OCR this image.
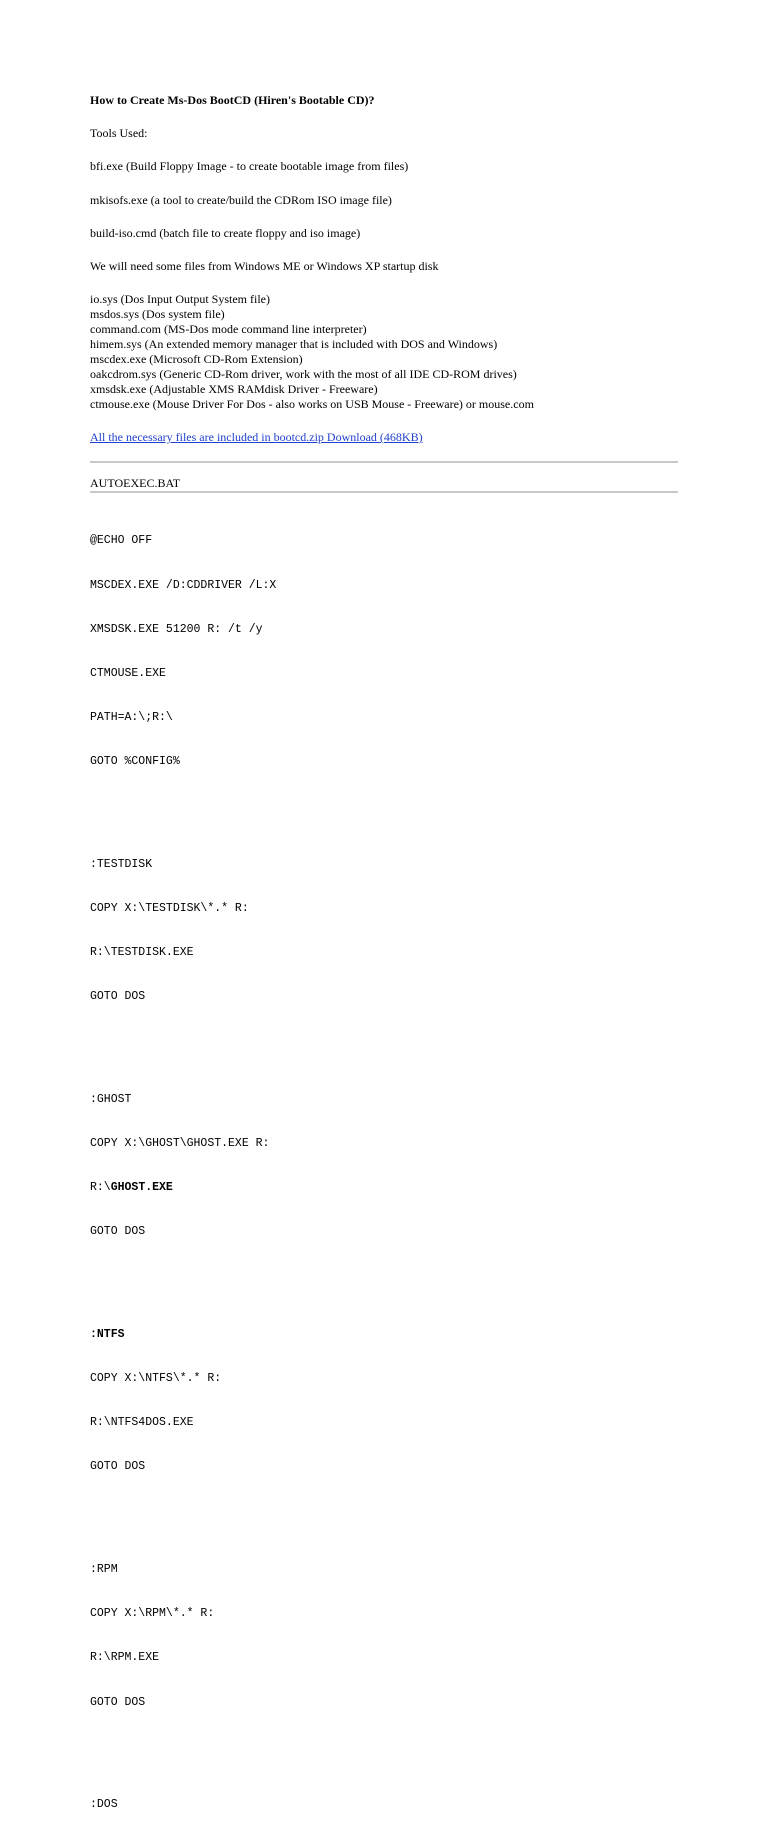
How to Create Ms-Dos BootCD (Hiren's Bootable CD)?

Tools Used:

bfi.exe (Build Floppy Image - to create bootable image from files)

mkisofs.exe (a tool to create/build the CDRom ISO image file)

build-iso.cmd (batch file to create floppy and iso image)

We will need some files from Windows ME or Windows XP startup disk

io.sys (Dos Input Output System file)
msdos.sys (Dos system file)
command.com (MS-Dos mode command line interpreter)
himem.sys (An extended memory manager that is included with DOS and Windows)
mscdex.exe (Microsoft CD-Rom Extension)
oakcdrom.sys (Generic CD-Rom driver, work with the most of all IDE CD-ROM drives)
xmsdsk.exe (Adjustable XMS RAMdisk Driver - Freeware)
ctmouse.exe (Mouse Driver For Dos - also works on USB Mouse - Freeware) or mouse.com

All the necessary files are included in bootcd.zip Download (468KB)

AUTOEXEC.BAT

@ECHO OFF

MSCDEX.EXE /D:CDDRIVER /L:X

XMSDSK.EXE 51200 R: /t /y

CTMOUSE.EXE

PATH=A:\;R:\

GOTO %CONFIG%

:TESTDISK

COPY X:\TESTDISK\*.* R:

R:\TESTDISK.EXE

GOTO DOS

:GHOST

COPY X:\GHOST\GHOST.EXE R:

R:\GHOST.EXE

GOTO DOS

:NTFS

COPY X:\NTFS\*.* R:

R:\NTFS4DOS.EXE

GOTO DOS

:RPM

COPY X:\RPM\*.* R:

R:\RPM.EXE

GOTO DOS

:DOS
